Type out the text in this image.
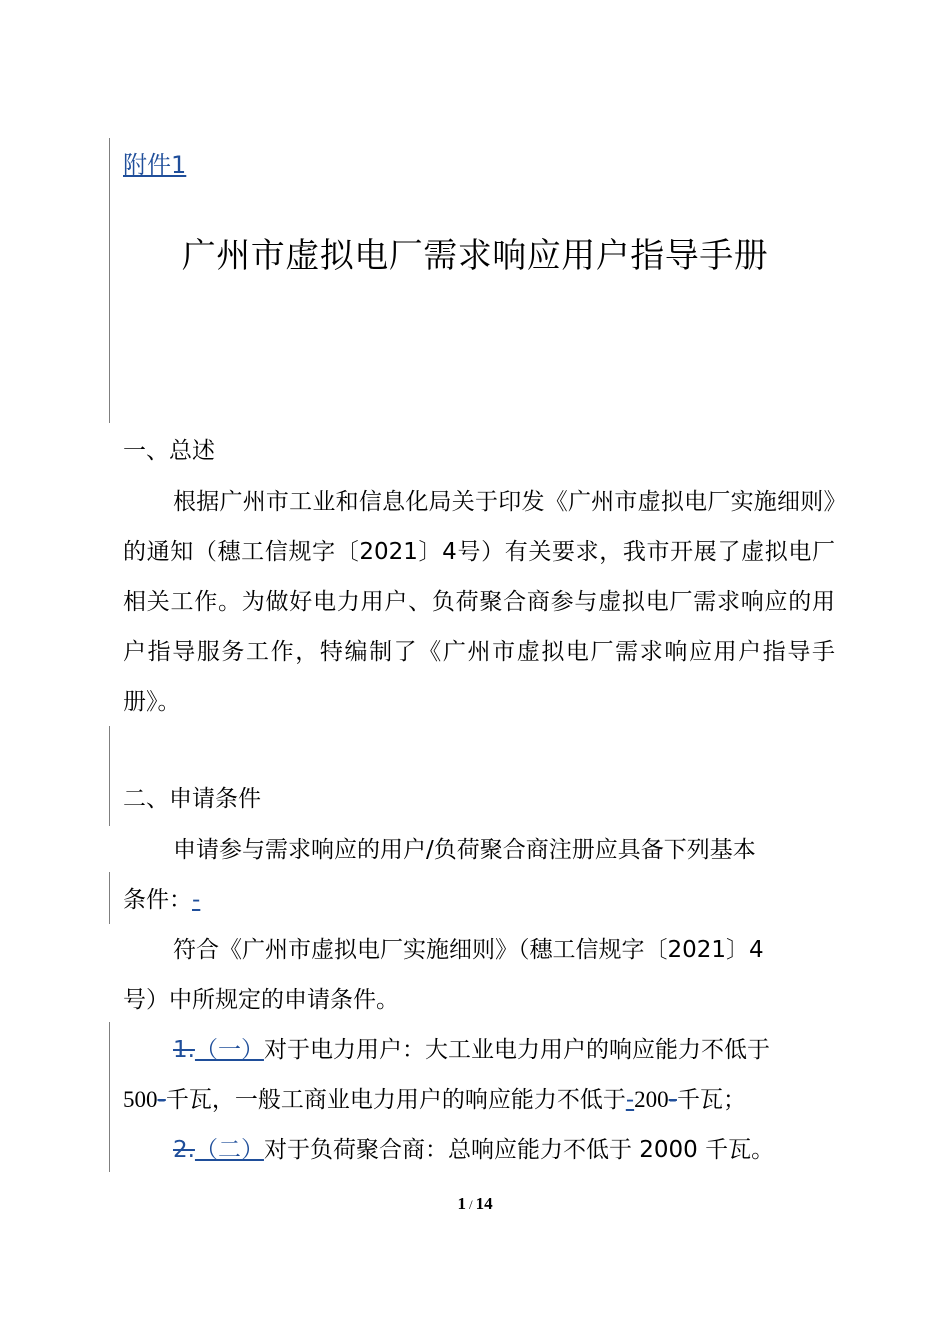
附件1
广州市虚拟电厂需求响应用户指导手册
一、总述
根据广州市工业和信息化局关于印发《广州市虚拟电厂实施细则》的通知（穗工信规字〔2021〕4号）有关要求，我市开展了虚拟电厂相关工作。为做好电力用户、负荷聚合商参与虚拟电厂需求响应的用户指导服务工作，特编制了《广州市虚拟电厂需求响应用户指导手册》。
二、申请条件
申请参与需求响应的用户/负荷聚合商注册应具备下列基本
条件：-
符合《广州市虚拟电厂实施细则》（穗工信规字〔2021〕4
号）中所规定的申请条件。
1.（一）对于电力用户：大工业电力用户的响应能力不低于
500-千瓦，一般工商业电力用户的响应能力不低于-200-千瓦；
2.（二）对于负荷聚合商：总响应能力不低于 2000 千瓦。
1 / 14
